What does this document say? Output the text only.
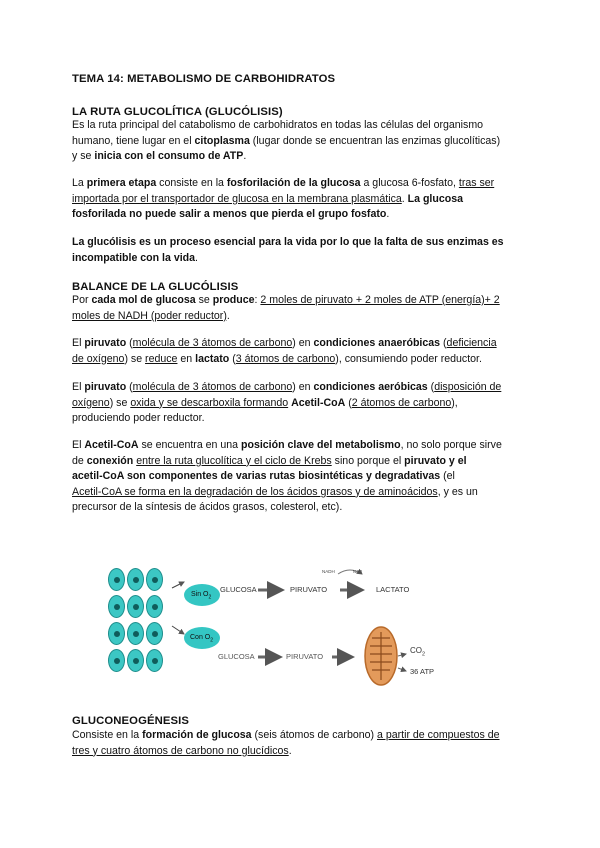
TEMA 14: METABOLISMO DE CARBOHIDRATOS
LA RUTA GLUCOLÍTICA (GLUCÓLISIS)

Es la ruta principal del catabolismo de carbohidratos en todas las células del organismo

humano, tiene lugar en el citoplasma (lugar donde se encuentran las enzimas glucolíticas)

y se inicia con el consumo de ATP.

La primera etapa consiste en la fosforilación de la glucosa a glucosa 6-fosfato, tras ser

importada por el transportador de glucosa en la membrana plasmática. La glucosa

fosforilada no puede salir a menos que pierda el grupo fosfato.

La glucólisis es un proceso esencial para la vida por lo que la falta de sus enzimas es

incompatible con la vida.

BALANCE DE LA GLUCÓLISIS

Por cada mol de glucosa se produce: 2 moles de piruvato + 2 moles de ATP (energía)+ 2

moles de NADH (poder reductor).

El piruvato (molécula de 3 átomos de carbono) en condiciones anaeróbicas (deficiencia

de oxígeno) se reduce en lactato (3 átomos de carbono), consumiendo poder reductor.

El piruvato (molécula de 3 átomos de carbono) en condiciones aeróbicas (disposición de

oxígeno) se oxida y se descarboxila formando Acetil-CoA (2 átomos de carbono),

produciendo poder reductor.

El Acetil-CoA se encuentra en una posición clave del metabolismo, no solo porque sirve

de conexión entre la ruta glucolítica y el ciclo de Krebs sino porque el piruvato y el

acetil-CoA son componentes de varias rutas biosintéticas y degradativas (el

Acetil-CoA se forma en la degradación de los ácidos grasos y de aminoácidos, y es un

precursor de la síntesis de ácidos grasos, colesterol, etc).

GLUCONEOGÉNESIS

Consiste en la formación de glucosa (seis átomos de carbono) a partir de compuestos de

tres y cuatro átomos de carbono no glucídicos.

Sin $O_2$
Con $O_2$
GLUCOSA	PIRUVATO	LACTATO
NADH	NAD
GLUCOSA	PIRUVATO
$CO_2$
36 ATP
